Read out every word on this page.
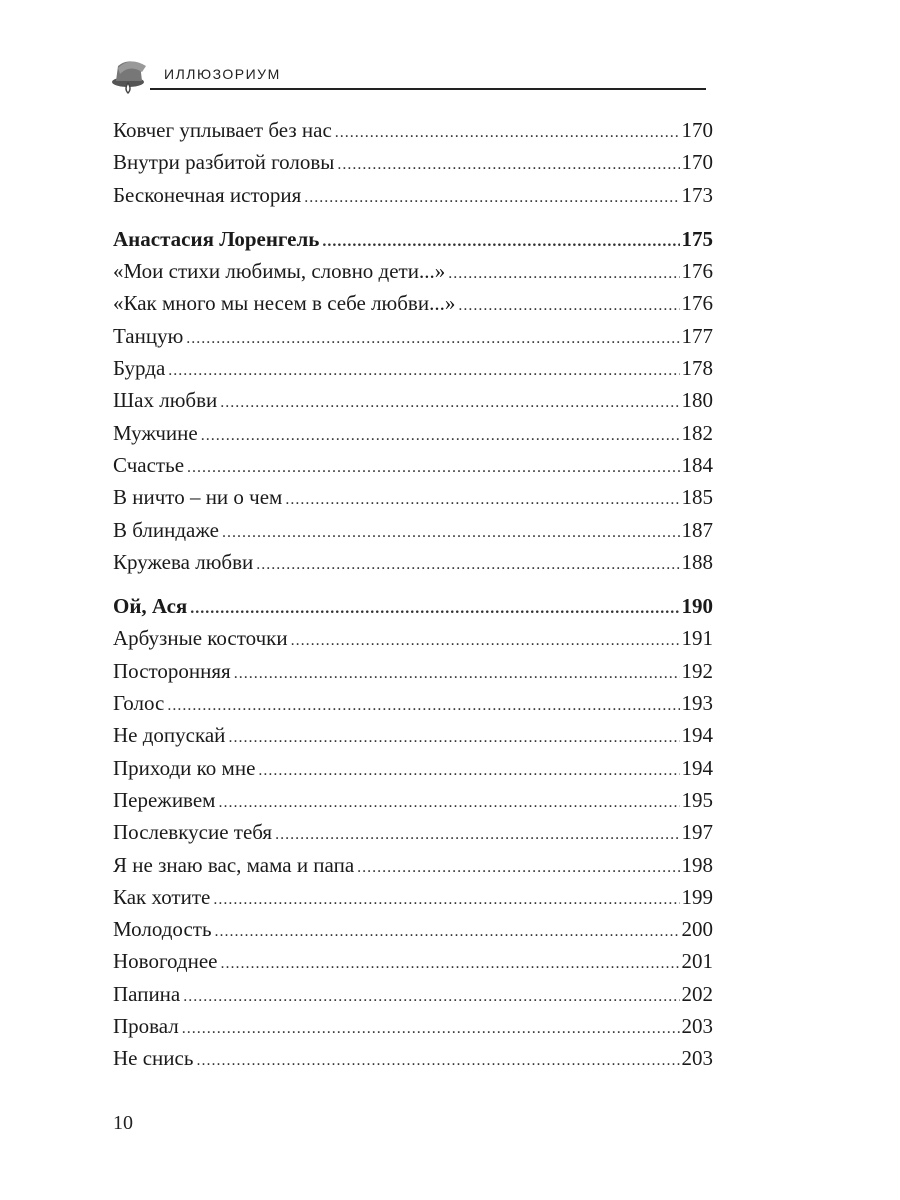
ИЛЛЮЗОРИУМ
Ковчег уплывает без нас .....	170
Внутри разбитой головы .....	170
Бесконечная история .....	173
Анастасия Лоренгель .....	175
«Мои стихи любимы, словно дети...» .....	176
«Как много мы несем в себе любви...» .....	176
Танцую .....	177
Бурда .....	178
Шах любви .....	180
Мужчине .....	182
Счастье .....	184
В ничто – ни о чем .....	185
В блиндаже .....	187
Кружева любви .....	188
Ой, Ася .....	190
Арбузные косточки .....	191
Посторонняя .....	192
Голос .....	193
Не допускай .....	194
Приходи ко мне .....	194
Переживем .....	195
Послевкусие тебя .....	197
Я не знаю вас, мама и папа .....	198
Как хотите .....	199
Молодость .....	200
Новогоднее .....	201
Папина .....	202
Провал .....	203
Не снись .....	203
10
